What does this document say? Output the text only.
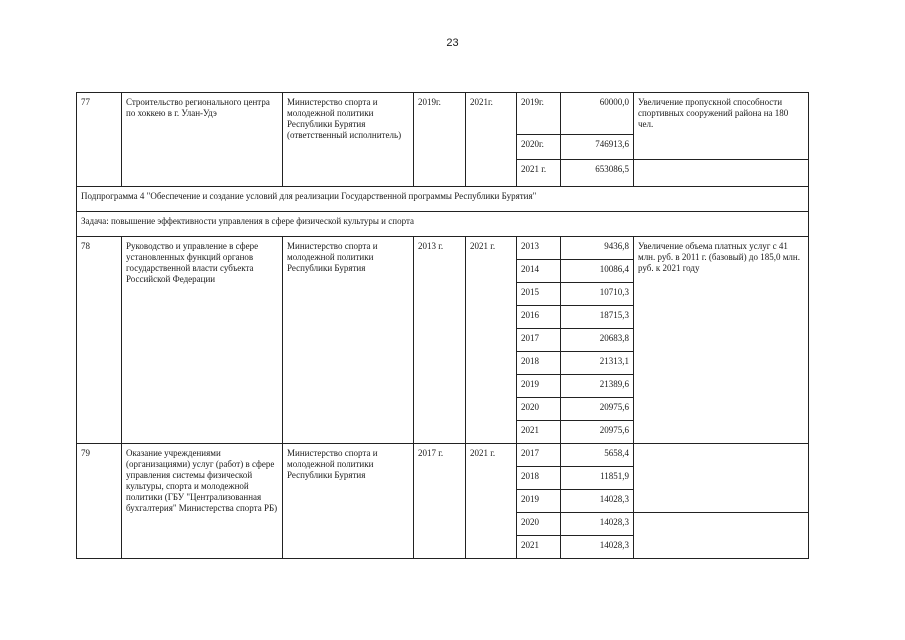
23
77	Строительство регионального центра по хоккею в г. Улан-Удэ	Министерство спорта и молодежной политики Республики Бурятия (ответственный исполнитель)	2019г.	2021г.	2019г.	60000,0	Увеличение пропускной способности спортивных сооружений района на 180 чел.
					2020г.	746913,6	
					2021 г.	653086,5	
Подпрограмма 4 "Обеспечение и создание условий для реализации Государственной программы Республики Бурятия"							
Задача: повышение эффективности управления в сфере физической культуры и спорта							
78	Руководство и управление в сфере установленных функций органов государственной власти субъекта Российской Федерации	Министерство спорта и молодежной политики Республики Бурятия	2013 г.	2021 г.	2013	9436,8	Увеличение объема платных услуг с 41 млн. руб. в 2011 г. (базовый) до 185,0 млн. руб. к 2021 году
					2014	10086,4	
					2015	10710,3	
					2016	18715,3	
					2017	20683,8	
					2018	21313,1	
					2019	21389,6	
					2020	20975,6	
					2021	20975,6	
79	Оказание учреждениями (организациями) услуг (работ) в сфере управления системы физической культуры, спорта и молодежной политики (ГБУ "Централизованная бухгалтерия" Министерства спорта РБ)	Министерство спорта и молодежной политики Республики Бурятия	2017 г.	2021 г.	2017	5658,4	
					2018	11851,9	
					2019	14028,3	
					2020	14028,3	
					2021	14028,3	
